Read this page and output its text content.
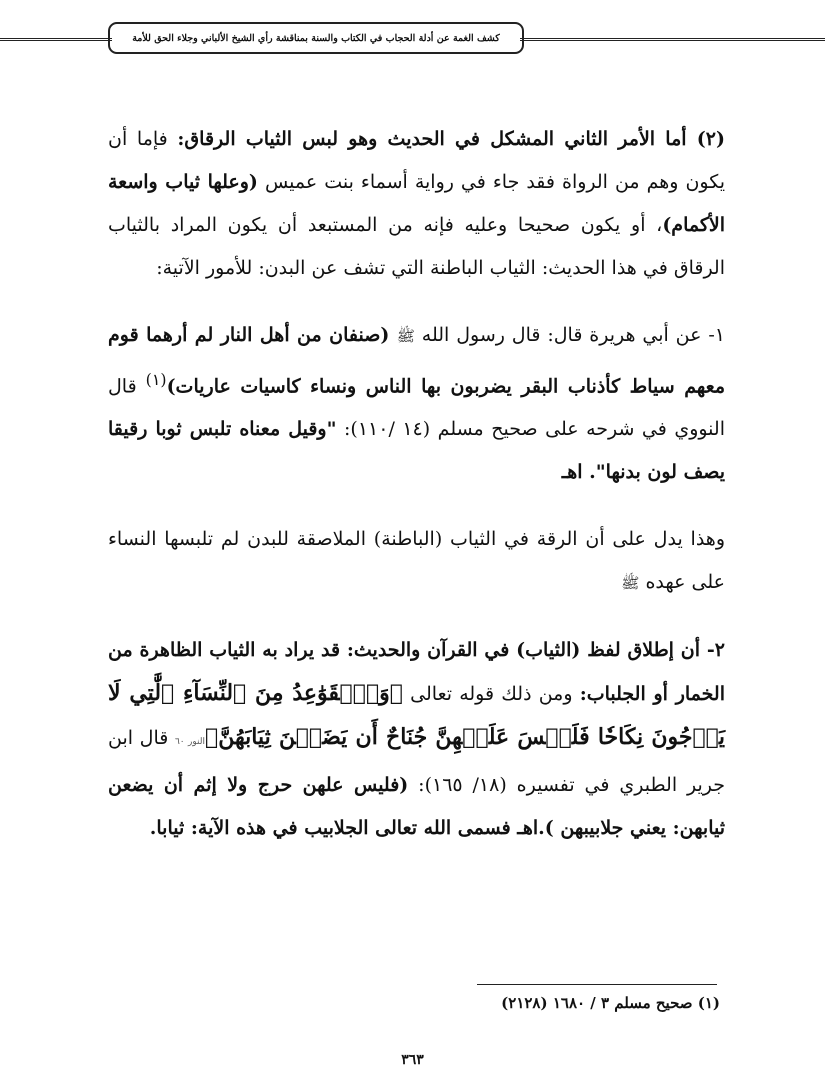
كشف الغمة عن أدلة الحجاب في الكتاب والسنة بمناقشة رأي الشيخ الألباني وجلاء الحق للأمة

(٢) أما الأمر الثاني المشكل في الحديث وهو لبس الثياب الرقاق: فإما أن يكون وهم من الرواة فقد جاء في رواية أسماء بنت عميس (وعلها ثياب واسعة الأكمام)، أو يكون صحيحا وعليه فإنه من المستبعد أن يكون المراد بالثياب الرقاق في هذا الحديث: الثياب الباطنة التي تشف عن البدن: للأمور الآتية:

١- عن أبي هريرة قال: قال رسول الله ﷺ (صنفان من أهل النار لم أرهما قوم معهم سياط كأذناب البقر يضربون بها الناس ونساء كاسيات عاريات)$^{(١)}$ قال النووي في شرحه على صحيح مسلم (١٤ /١١٠): "وقيل معناه تلبس ثوبا رقيقا يصف لون بدنها". اهـ

وهذا يدل على أن الرقة في الثياب (الباطنة) الملاصقة للبدن لم تلبسها النساء على عهده ﷺ

٢- أن إطلاق لفظ (الثياب) في القرآن والحديث: قد يراد به الثياب الظاهرة من الخمار أو الجلباب: ومن ذلك قوله تعالى ﴿وَٱلۡقَوَٰعِدُ مِنَ ٱلنِّسَآءِ ٱلَّٰتِي لَا يَرۡجُونَ نِكَاحٗا فَلَيۡسَ عَلَيۡهِنَّ جُنَاحٌ أَن يَضَعۡنَ ثِيَابَهُنَّ﴾النور ٦٠ قال ابن جرير الطبري في تفسيره (١٨/ ١٦٥): (فليس علهن حرج ولا إثم أن يضعن ثيابهن: يعني جلابيبهن ).اهـ فسمى الله تعالى الجلابيب في هذه الآية: ثيابا.

(١) صحيح مسلم ٣ / ١٦٨٠ (٢١٢٨)
٣٦٣
